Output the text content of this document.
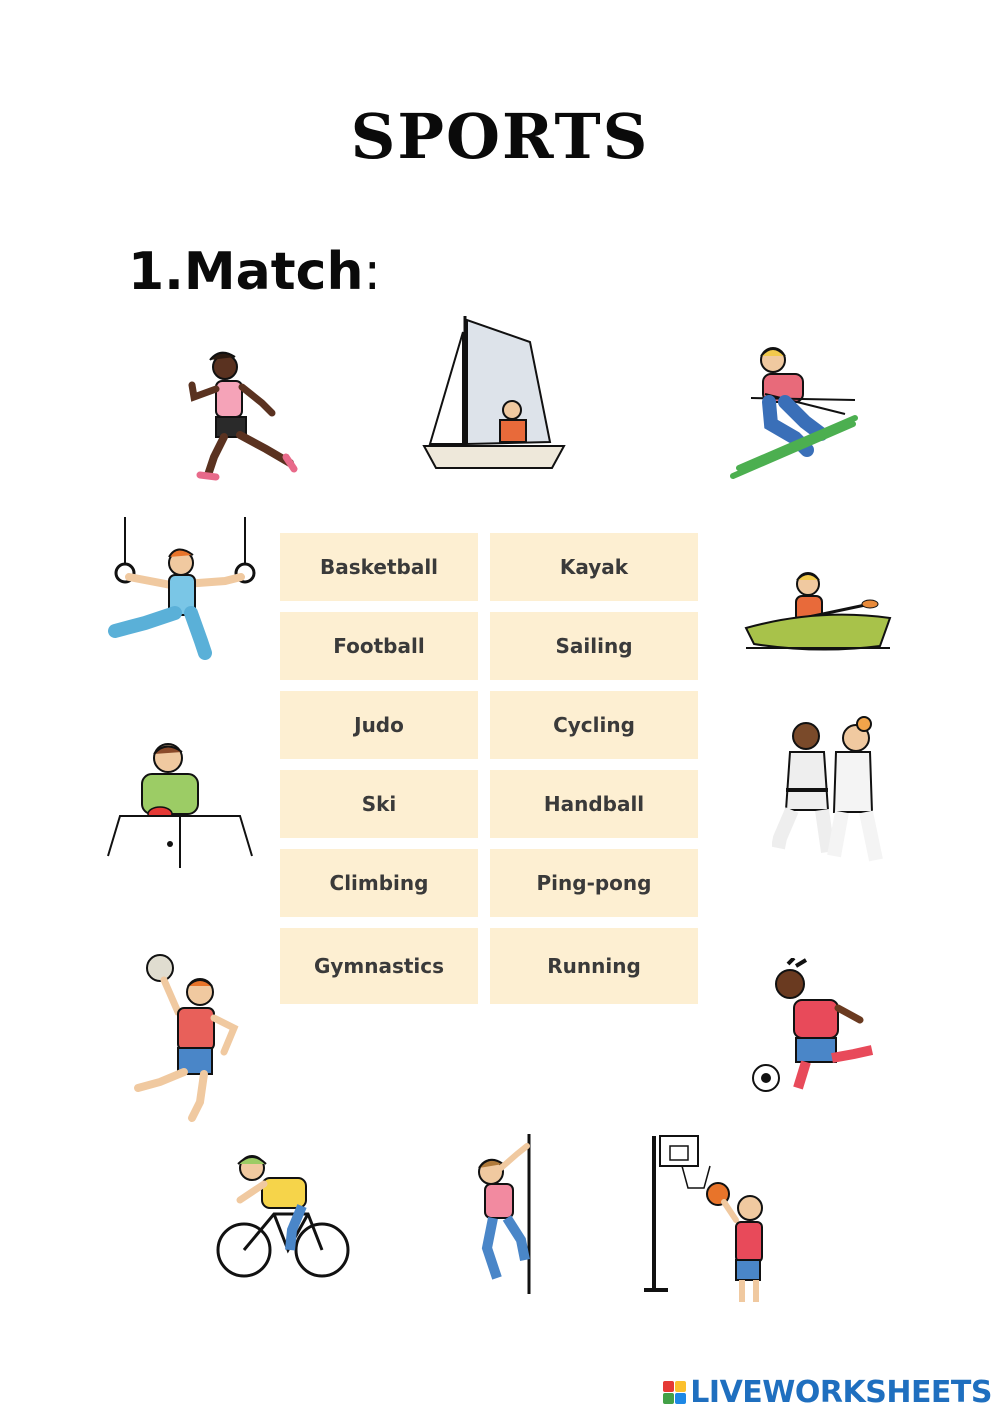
SPORTS
1.Match:
Basketball	Kayak
Football	Sailing
Judo	Cycling
Ski	Handball
Climbing	Ping-pong
Gymnastics	Running
LIVEWORKSHEETS
